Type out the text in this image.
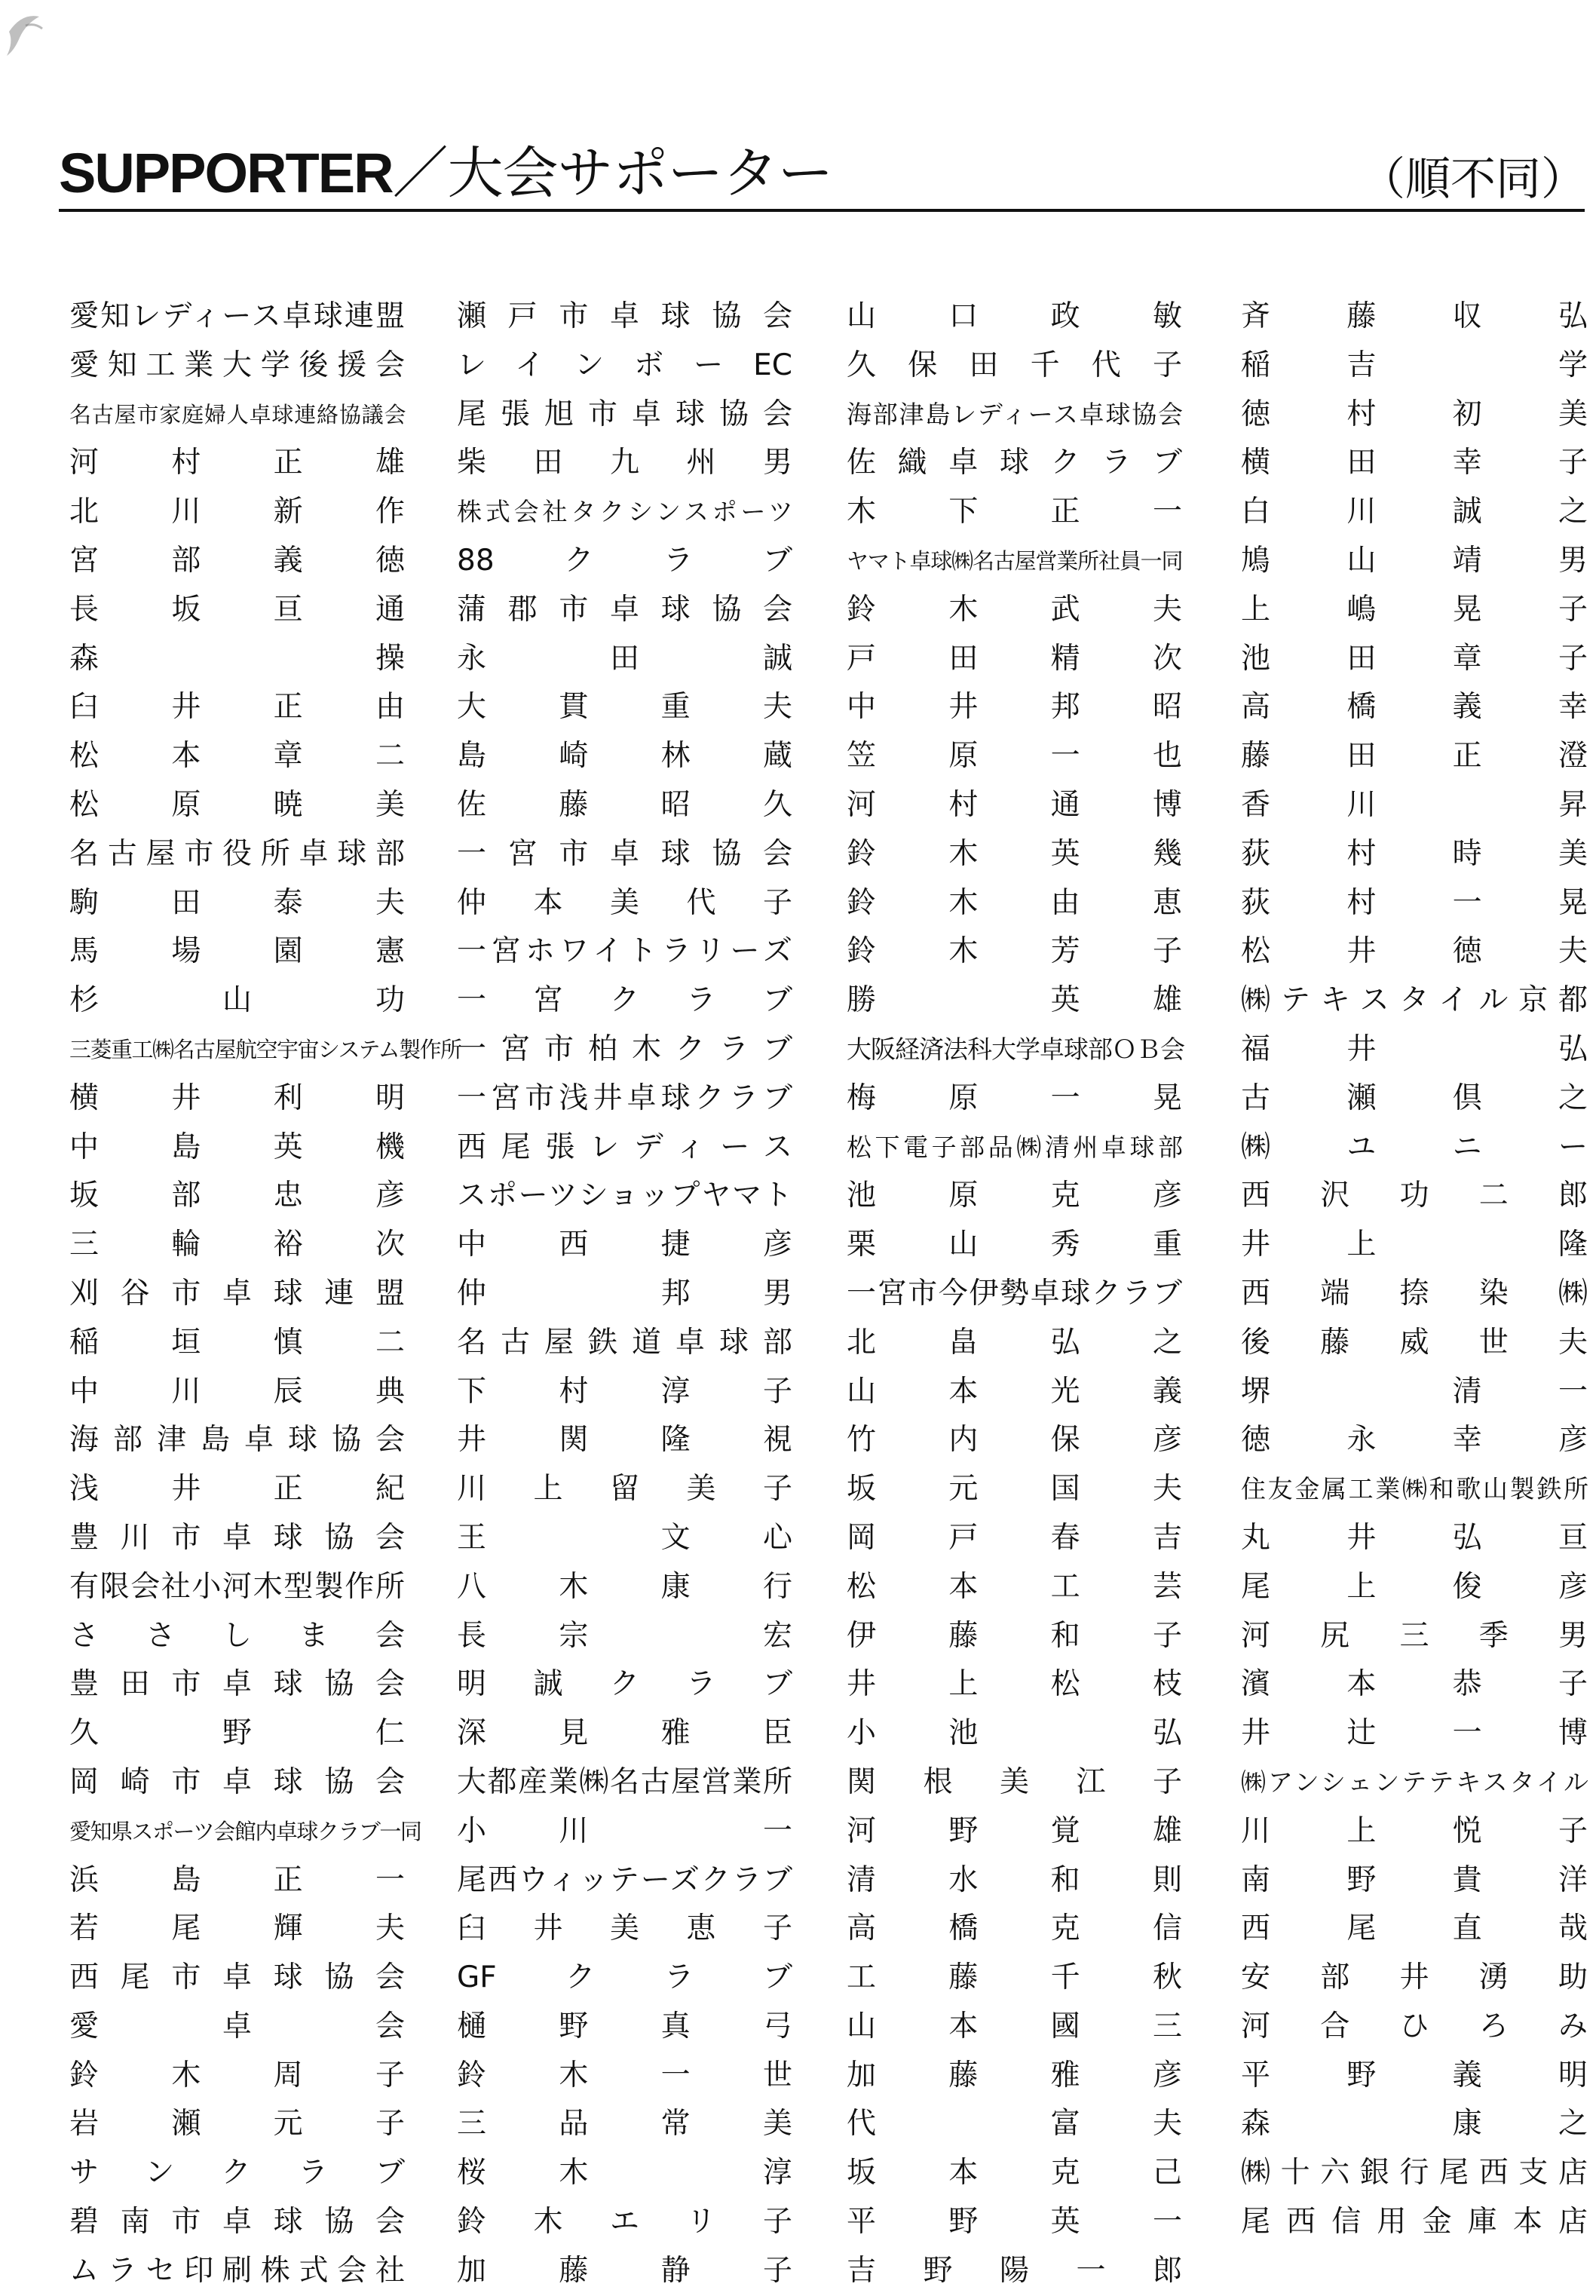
SUPPORTER／大会サポーター	（順不同）
愛知レディース卓球連盟
愛知工業大学後援会
名古屋市家庭婦人卓球連絡協議会
河村正雄
北川新作
宮部義徳
長坂亘通
森　操
臼井正由
松本章二
松原暁美
名古屋市役所卓球部
駒田泰夫
馬場園憲
杉山功
三菱重工㈱名古屋航空宇宙システム製作所
横井利明
中島英機
坂部忠彦
三輪裕次
刈谷市卓球連盟
稲垣慎二
中川辰典
海部津島卓球協会
浅井正紀
豊川市卓球協会
有限会社小河木型製作所
さ さ し ま 会
豊田市卓球協会
久野仁
岡崎市卓球協会
愛知県スポーツ会館内卓球クラブ一同
浜島正一
若尾輝夫
西尾市卓球協会
愛卓会
鈴木周子
岩瀬元子
サンクラブ
碧南市卓球協会
ムラセ印刷株式会社
瀬戸市卓球協会
レインボーEC
尾張旭市卓球協会
柴田九州男
株式会社タクシンスポーツ
88クラブ
蒲郡市卓球協会
永田誠
大貫重夫
島崎林蔵
佐藤昭久
一宮市卓球協会
仲本美代子
一宮ホワイトラリーズ
一宮クラブ
一宮市柏木クラブ
一宮市浅井卓球クラブ
西尾張レディース
スポーツショップヤマト
中西捷彦
仲　邦男
名古屋鉄道卓球部
下村淳子
井関隆視
川上留美子
王　文心
八木康行
長宗　宏
明誠クラブ
深見雅臣
大都産業㈱名古屋営業所
小川　一
尾西ウィッテーズクラブ
臼井美恵子
GFクラブ
樋野真弓
鈴木一世
三品常美
桜木　淳
鈴木エリ子
加藤静子
山口政敏
久保田千代子
海部津島レディース卓球協会
佐織卓球クラブ
木下正一
ヤマト卓球㈱名古屋営業所社員一同
鈴木武夫
戸田精次
中井邦昭
笠原一也
河村通博
鈴木英幾
鈴木由恵
鈴木芳子
勝　英雄
大阪経済法科大学卓球部ＯＢ会
梅原一晃
松下電子部品㈱清州卓球部
池原克彦
栗山秀重
一宮市今伊勢卓球クラブ
北畠弘之
山本光義
竹内保彦
坂元国夫
岡戸春吉
松本工芸
伊藤和子
井上松枝
小池　弘
関根美江子
河野覚雄
清水和則
高橋克信
工藤千秋
山本國三
加藤雅彦
代　富夫
坂本克己
平野英一
吉野陽一郎
斉藤収弘
稲吉　学
徳村初美
横田幸子
白川誠之
鳩山靖男
上嶋晃子
池田章子
高橋義幸
藤田正澄
香川　昇
荻村時美
荻村一晃
松井徳夫
㈱テキスタイル京都
福井　弘
古瀬倶之
㈱ユニー
西沢功二郎
井上　隆
西端捺染㈱
後藤威世夫
堺　清一
徳永幸彦
住友金属工業㈱和歌山製鉄所
丸井弘亘
尾上俊彦
河尻三季男
濱本恭子
井辻一博
㈱アンシェンテテキスタイル
川上悦子
南野貴洋
西尾直哉
安部井湧助
河合ひろみ
平野義明
森　康之
㈱十六銀行尾西支店
尾西信用金庫本店
